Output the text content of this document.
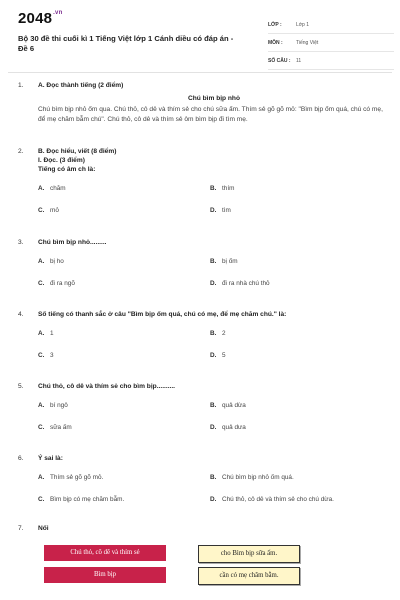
$2048^{.vn}$
Bộ 30 đề thi cuối kì 1 Tiếng Việt lớp 1 Cánh diều có đáp án - Đề 6
LỚP :	Lớp 1
MÔN :	Tiếng Việt
SỐ CÂU :	11
1.	A. Đọc thành tiếng (2 điểm)
Chú bìm bịp nhỏ
Chú bìm bịp nhỏ ốm qua. Chú thỏ, cô dê và thím sẻ cho chú sữa ấm. Thím sẻ gõ gõ mỏ: "Bìm bịp ốm quá, chú có mẹ, để mẹ chăm bẵm chú". Chú thỏ, cô dê và thím sẻ ôm bìm bịp đi tìm mẹ.
2.	B. Đọc hiểu, viết (8 điểm)
I. Đọc. (3 điểm)
Tiếng có âm ch là:
A. chăm	B. thím
C. mỏ	D. tìm
3.	Chú bìm bịp nhỏ.........
A. bị ho	B. bị ốm
C. đi ra ngõ	D. đi ra nhà chú thỏ
4.	Số tiếng có thanh sắc ở câu "Bìm bịp ốm quá, chú có mẹ, để mẹ chăm chú." là:
A. 1	B. 2
C. 3	D. 5
5.	Chú thỏ, cô dê và thím sẻ cho bìm bịp..........
A. bí ngô	B. quả dừa
C. sữa ấm	D. quả dưa
6.	Ý sai là:
A. Thím sẻ gõ gõ mỏ.	B. Chú bìm bịp nhỏ ốm quá.
C. Bìm bịp có mẹ chăm bẵm.	D. Chú thỏ, cô dê và thím sẻ cho chú dừa.
7.	Nối
Chú thỏ, cô dê và thím sẻ
Bìm bịp
cho Bìm bịp sữa ấm.
cần có mẹ chăm bẵm.
